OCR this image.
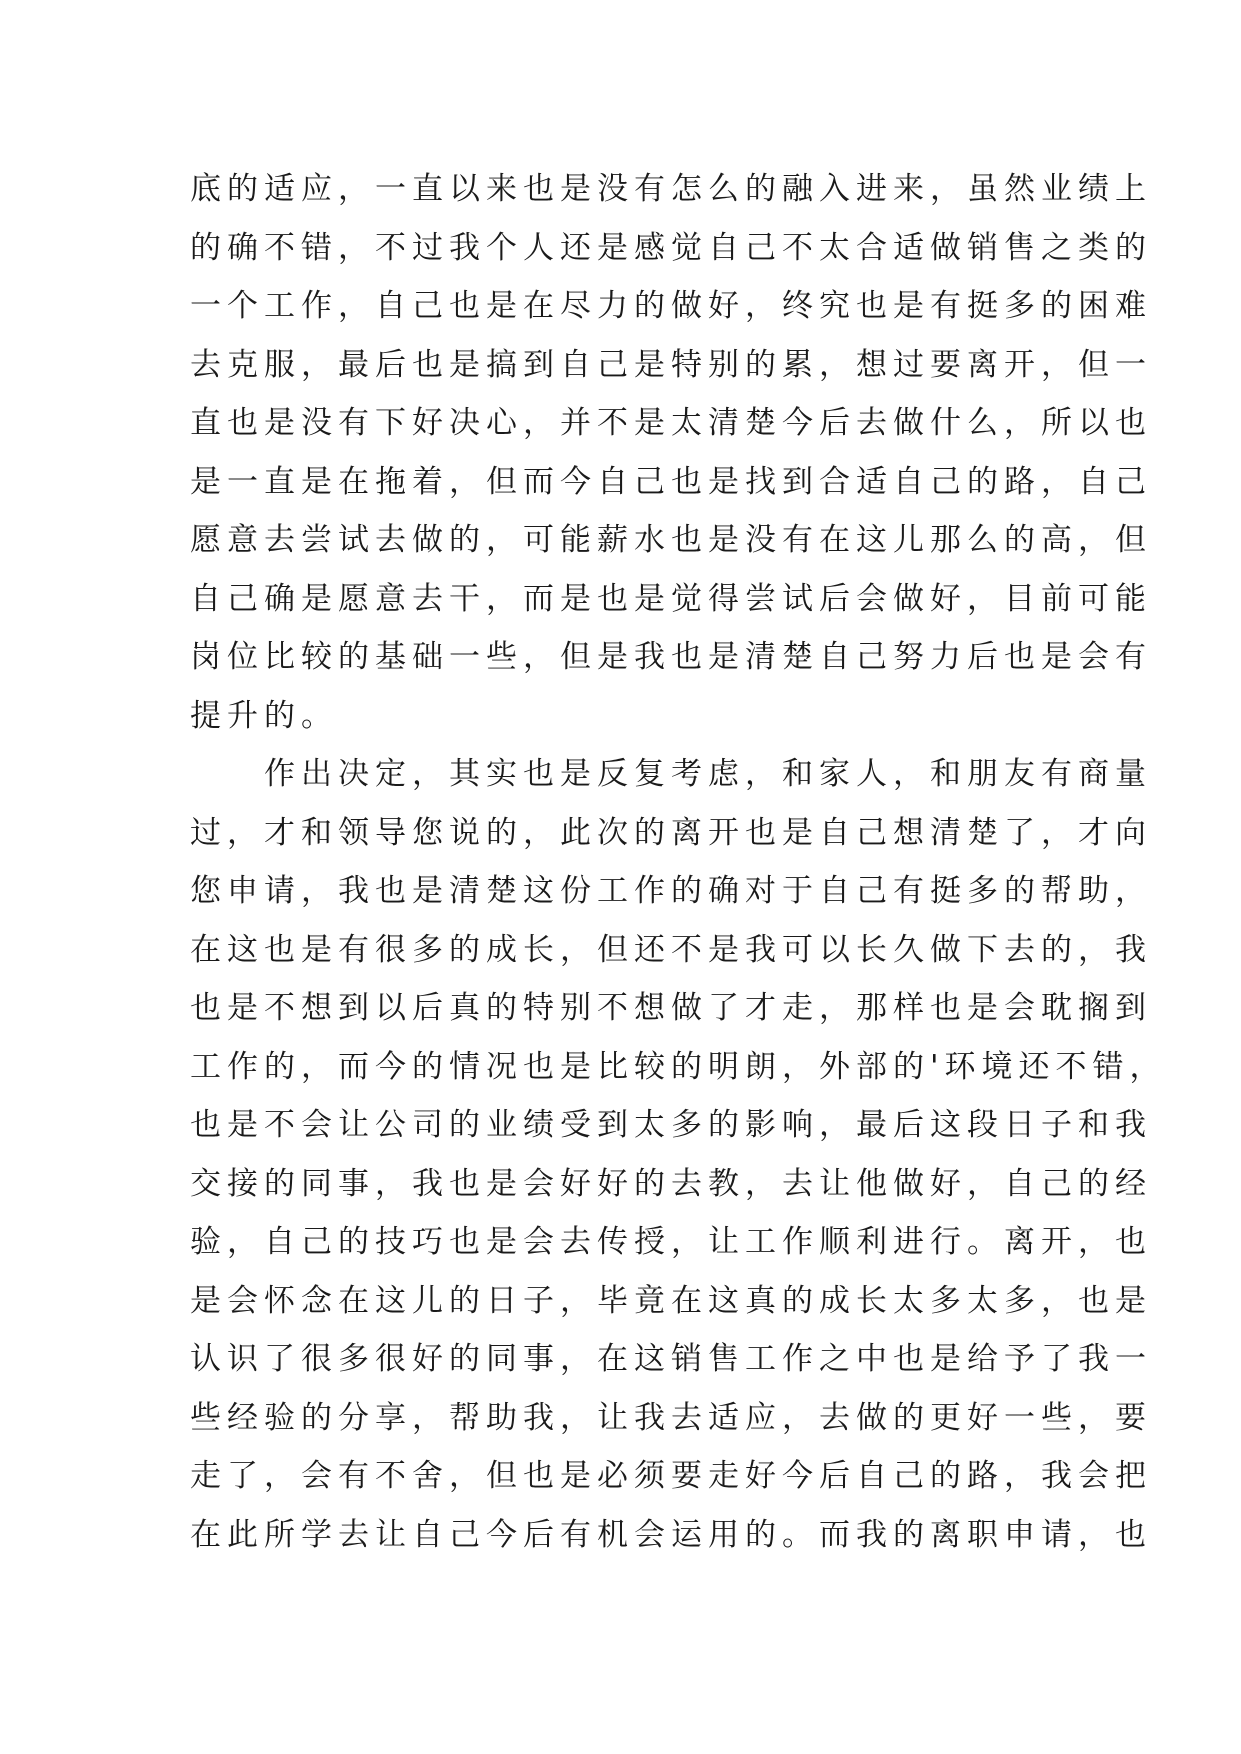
底的适应，一直以来也是没有怎么的融入进来，虽然业绩上

的确不错，不过我个人还是感觉自己不太合适做销售之类的

一个工作，自己也是在尽力的做好，终究也是有挺多的困难

去克服，最后也是搞到自己是特别的累，想过要离开，但一

直也是没有下好决心，并不是太清楚今后去做什么，所以也

是一直是在拖着，但而今自己也是找到合适自己的路，自己

愿意去尝试去做的，可能薪水也是没有在这儿那么的高，但

自己确是愿意去干，而是也是觉得尝试后会做好，目前可能

岗位比较的基础一些，但是我也是清楚自己努力后也是会有

提升的。

　　作出决定，其实也是反复考虑，和家人，和朋友有商量

过，才和领导您说的，此次的离开也是自己想清楚了，才向

您申请，我也是清楚这份工作的确对于自己有挺多的帮助，

在这也是有很多的成长，但还不是我可以长久做下去的，我

也是不想到以后真的特别不想做了才走，那样也是会耽搁到

工作的，而今的情况也是比较的明朗，外部的'环境还不错，

也是不会让公司的业绩受到太多的影响，最后这段日子和我

交接的同事，我也是会好好的去教，去让他做好，自己的经

验，自己的技巧也是会去传授，让工作顺利进行。离开，也

是会怀念在这儿的日子，毕竟在这真的成长太多太多，也是

认识了很多很好的同事，在这销售工作之中也是给予了我一

些经验的分享，帮助我，让我去适应，去做的更好一些，要

走了，会有不舍，但也是必须要走好今后自己的路，我会把

在此所学去让自己今后有机会运用的。而我的离职申请，也
